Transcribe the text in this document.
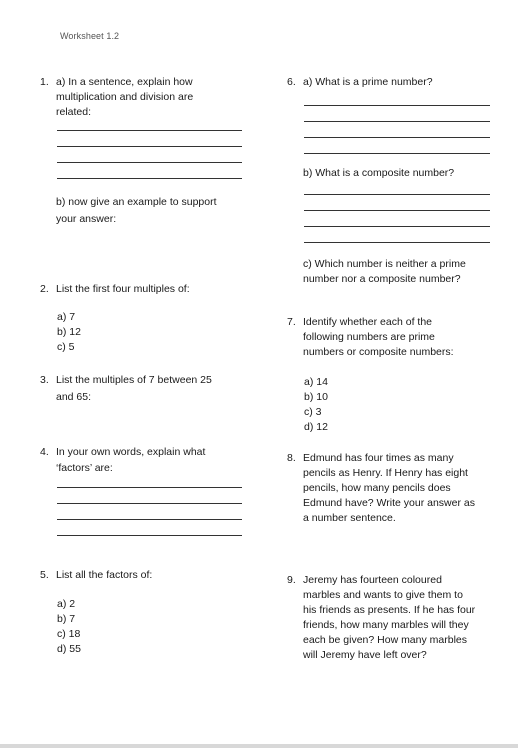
Worksheet 1.2
1. a) In a sentence, explain how
multiplication and division are
related:
b) now give an example to support
your answer:
2. List the first four multiples of:
a) 7
b) 12
c) 5
3. List the multiples of 7 between 25
and 65:
4. In your own words, explain what
‘factors’ are:
5. List all the factors of:
a) 2
b) 7
c) 18
d) 55
6. a) What is a prime number?
b) What is a composite number?
c) Which number is neither a prime
number nor a composite number?
7. Identify whether each of the
following numbers are prime
numbers or composite numbers:
a) 14
b) 10
c) 3
d) 12
8. Edmund has four times as many
pencils as Henry. If Henry has eight
pencils, how many pencils does
Edmund have? Write your answer as
a number sentence.
9. Jeremy has fourteen coloured
marbles and wants to give them to
his friends as presents. If he has four
friends, how many marbles will they
each be given? How many marbles
will Jeremy have left over?
